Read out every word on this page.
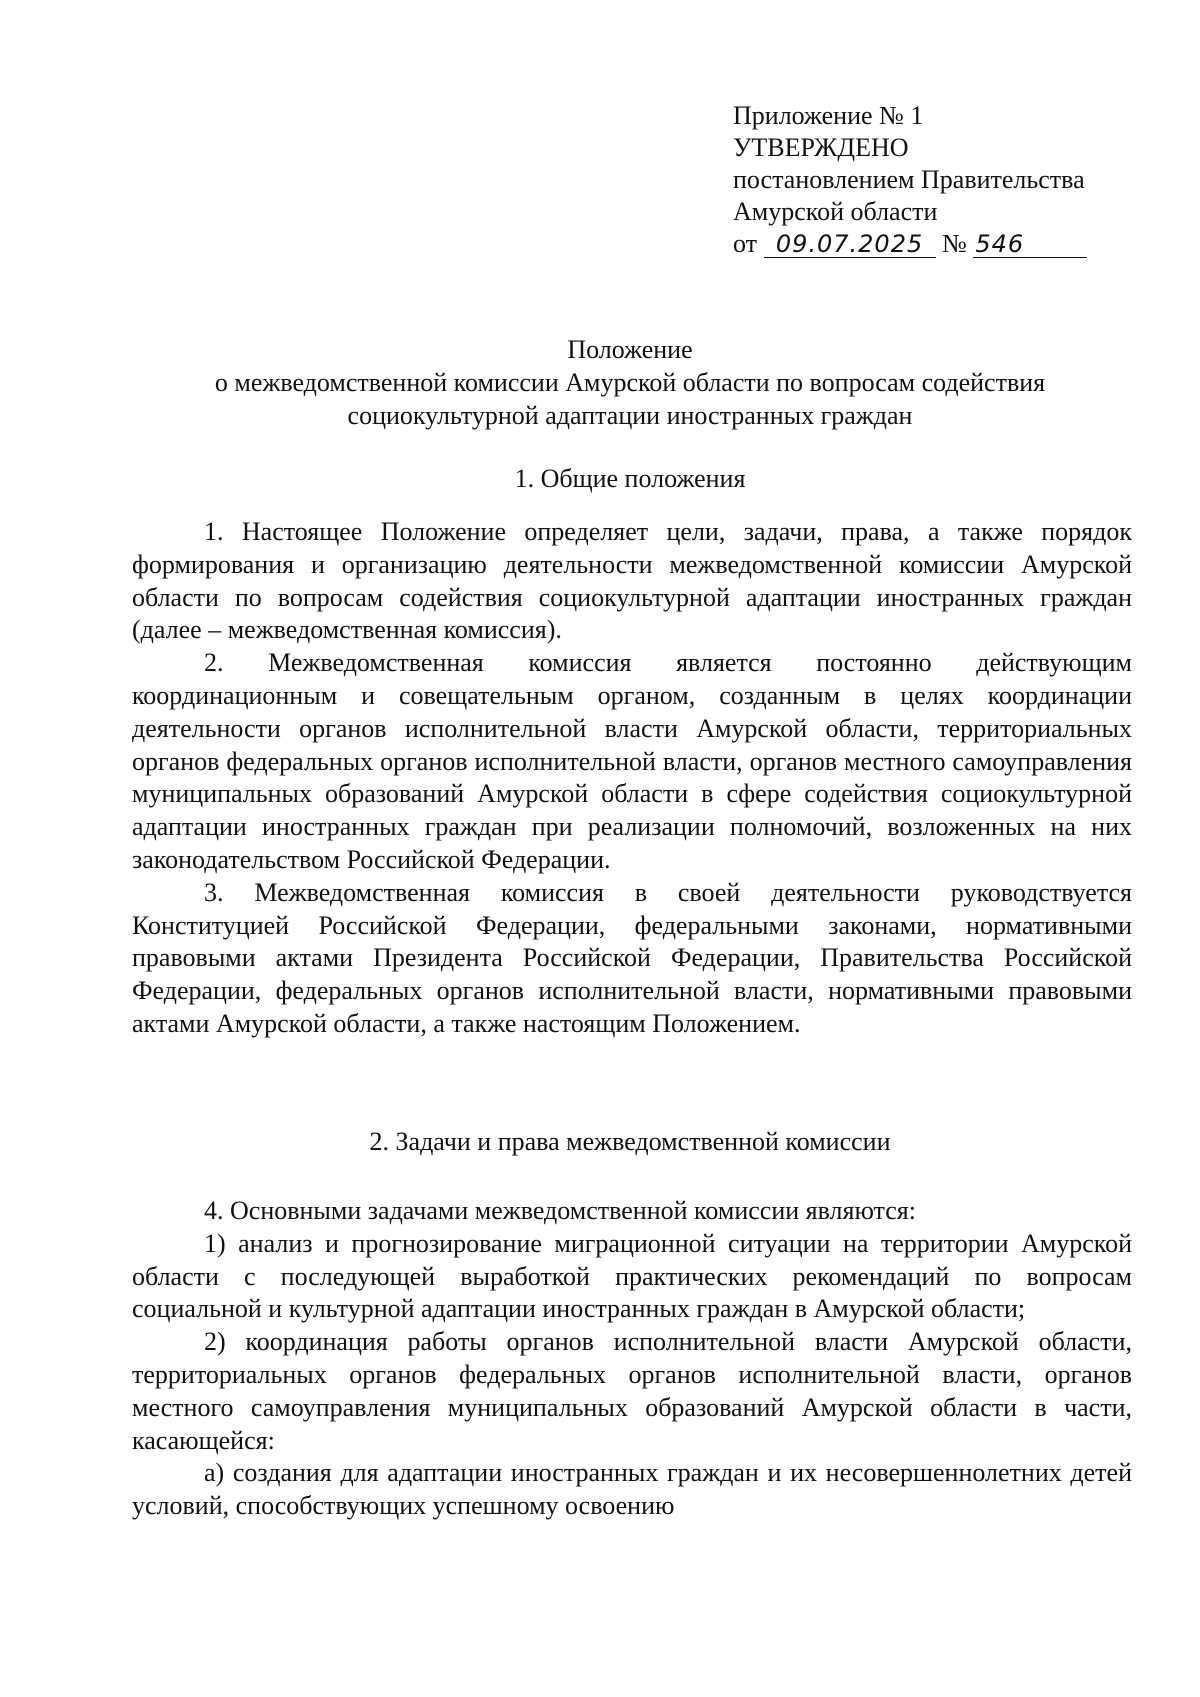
Приложение № 1
УТВЕРЖДЕНО
постановлением Правительства
Амурской области
от 09.07.2025 № 546
Положение
о межведомственной комиссии Амурской области по вопросам содействия
социокультурной адаптации иностранных граждан
1. Общие положения

1. Настоящее Положение определяет цели, задачи, права, а также порядок формирования и организацию деятельности межведомственной комиссии Амурской области по вопросам содействия социокультурной адаптации иностранных граждан (далее – межведомственная комиссия).

2. Межведомственная комиссия является постоянно действующим координационным и совещательным органом, созданным в целях координации деятельности органов исполнительной власти Амурской области, территориальных органов федеральных органов исполнительной власти, органов местного самоуправления муниципальных образований Амурской области в сфере содействия социокультурной адаптации иностранных граждан при реализации полномочий, возложенных на них законодательством Российской Федерации.

3. Межведомственная комиссия в своей деятельности руководствуется Конституцией Российской Федерации, федеральными законами, нормативными правовыми актами Президента Российской Федерации, Правительства Российской Федерации, федеральных органов исполнительной власти, нормативными правовыми актами Амурской области, а также настоящим Положением.

2. Задачи и права межведомственной комиссии

4. Основными задачами межведомственной комиссии являются:

1) анализ и прогнозирование миграционной ситуации на территории Амурской области с последующей выработкой практических рекомендаций по вопросам социальной и культурной адаптации иностранных граждан в Амурской области;

2) координация работы органов исполнительной власти Амурской области, территориальных органов федеральных органов исполнительной власти, органов местного самоуправления муниципальных образований Амурской области в части, касающейся:

а) создания для адаптации иностранных граждан и их несовершеннолетних детей условий, способствующих успешному освоению
